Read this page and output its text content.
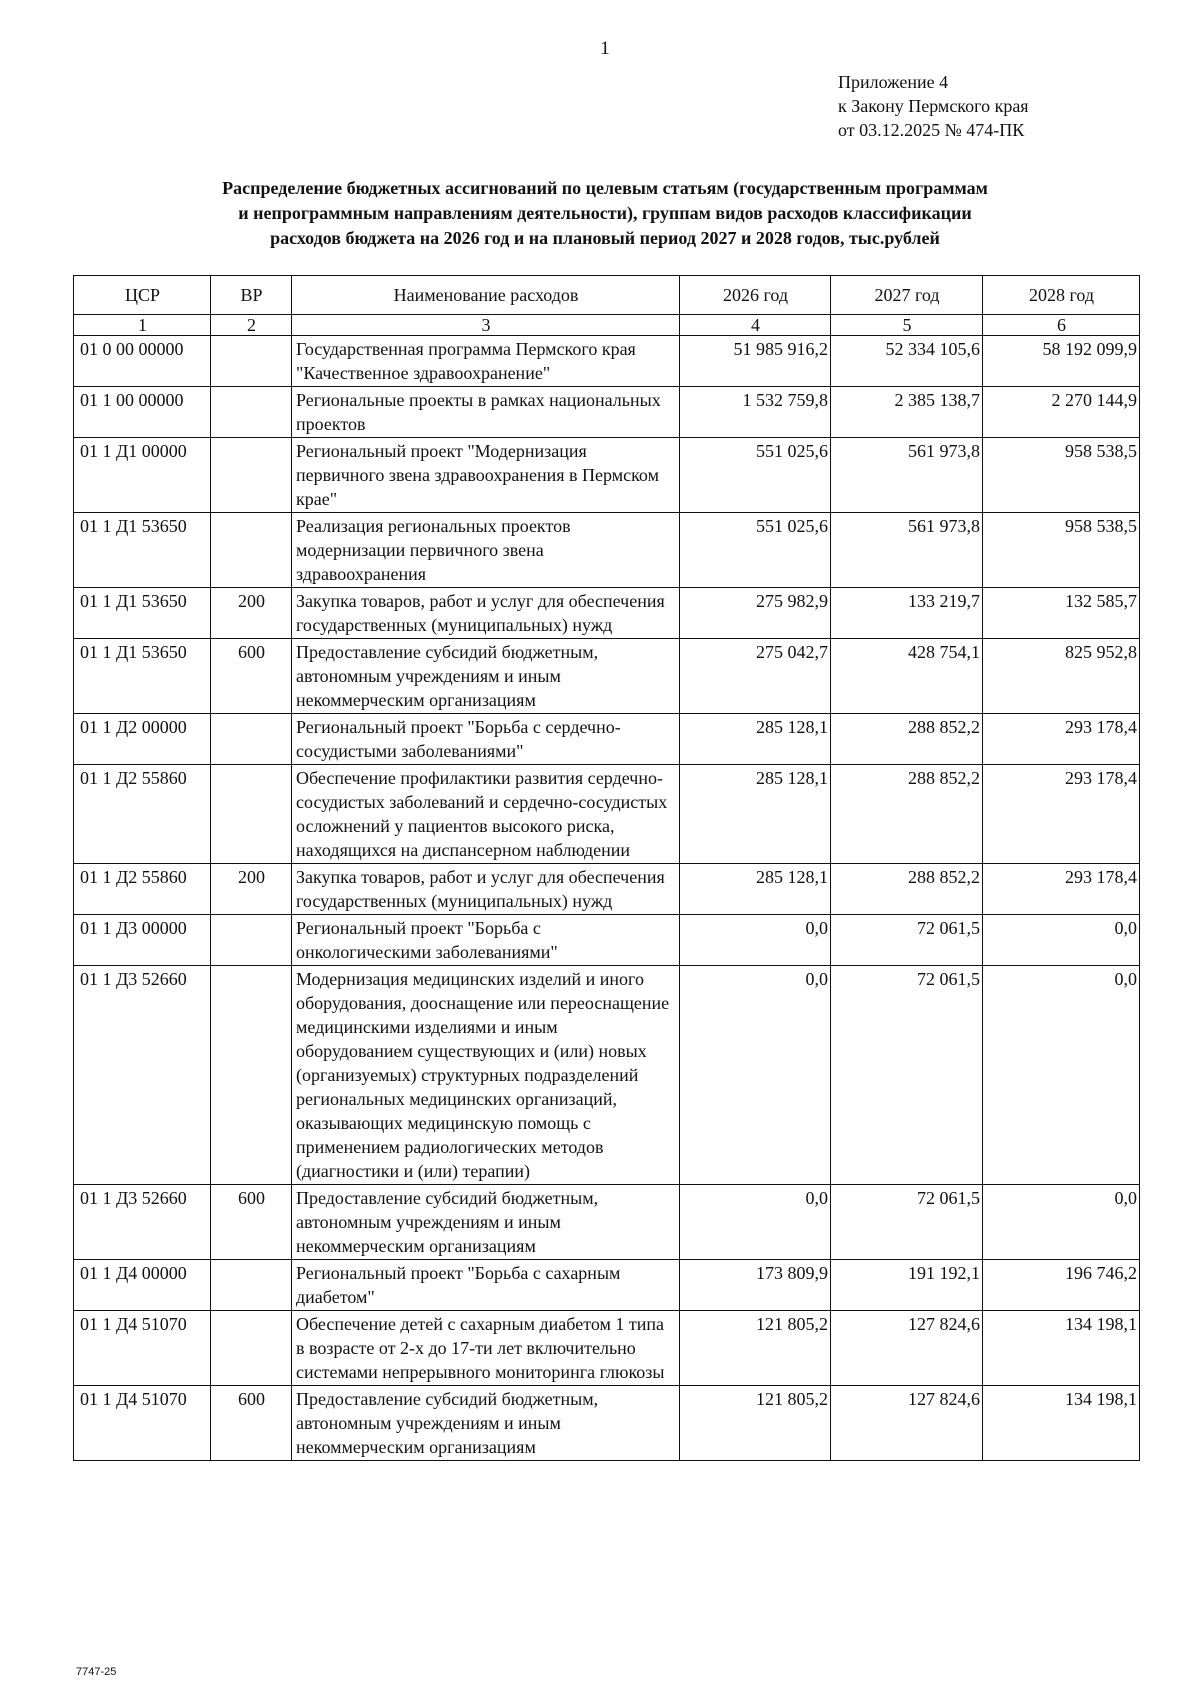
1
Приложение 4
к Закону Пермского края
от 03.12.2025 № 474-ПК
Распределение бюджетных ассигнований по целевым статьям (государственным программам
и непрограммным направлениям деятельности), группам видов расходов классификации
расходов бюджета на 2026 год и на плановый период 2027 и 2028 годов, тыс.рублей
ЦСР	ВР	Наименование расходов	2026 год	2027 год	2028 год
1	2	3	4	5	6
01 0 00 00000		Государственная программа Пермского края "Качественное здравоохранение"	51 985 916,2	52 334 105,6	58 192 099,9
01 1 00 00000		Региональные проекты в рамках национальных проектов	1 532 759,8	2 385 138,7	2 270 144,9
01 1 Д1 00000		Региональный проект "Модернизация первичного звена здравоохранения в Пермском крае"	551 025,6	561 973,8	958 538,5
01 1 Д1 53650		Реализация региональных проектов модернизации первичного звена здравоохранения	551 025,6	561 973,8	958 538,5
01 1 Д1 53650	200	Закупка товаров, работ и услуг для обеспечения государственных (муниципальных) нужд	275 982,9	133 219,7	132 585,7
01 1 Д1 53650	600	Предоставление субсидий бюджетным, автономным учреждениям и иным некоммерческим организациям	275 042,7	428 754,1	825 952,8
01 1 Д2 00000		Региональный проект "Борьба с сердечно-сосудистыми заболеваниями"	285 128,1	288 852,2	293 178,4
01 1 Д2 55860		Обеспечение профилактики развития сердечно-сосудистых заболеваний и сердечно-сосудистых осложнений у пациентов высокого риска, находящихся на диспансерном наблюдении	285 128,1	288 852,2	293 178,4
01 1 Д2 55860	200	Закупка товаров, работ и услуг для обеспечения государственных (муниципальных) нужд	285 128,1	288 852,2	293 178,4
01 1 Д3 00000		Региональный проект "Борьба с онкологическими заболеваниями"	0,0	72 061,5	0,0
01 1 Д3 52660		Модернизация медицинских изделий и иного оборудования, дооснащение или переоснащение медицинскими изделиями и иным оборудованием существующих и (или) новых (организуемых) структурных подразделений региональных медицинских организаций, оказывающих медицинскую помощь с применением радиологических методов (диагностики и (или) терапии)	0,0	72 061,5	0,0
01 1 Д3 52660	600	Предоставление субсидий бюджетным, автономным учреждениям и иным некоммерческим организациям	0,0	72 061,5	0,0
01 1 Д4 00000		Региональный проект "Борьба с сахарным диабетом"	173 809,9	191 192,1	196 746,2
01 1 Д4 51070		Обеспечение детей с сахарным диабетом 1 типа в возрасте от 2-х до 17-ти лет включительно системами непрерывного мониторинга глюкозы	121 805,2	127 824,6	134 198,1
01 1 Д4 51070	600	Предоставление субсидий бюджетным, автономным учреждениям и иным некоммерческим организациям	121 805,2	127 824,6	134 198,1
7747-25
